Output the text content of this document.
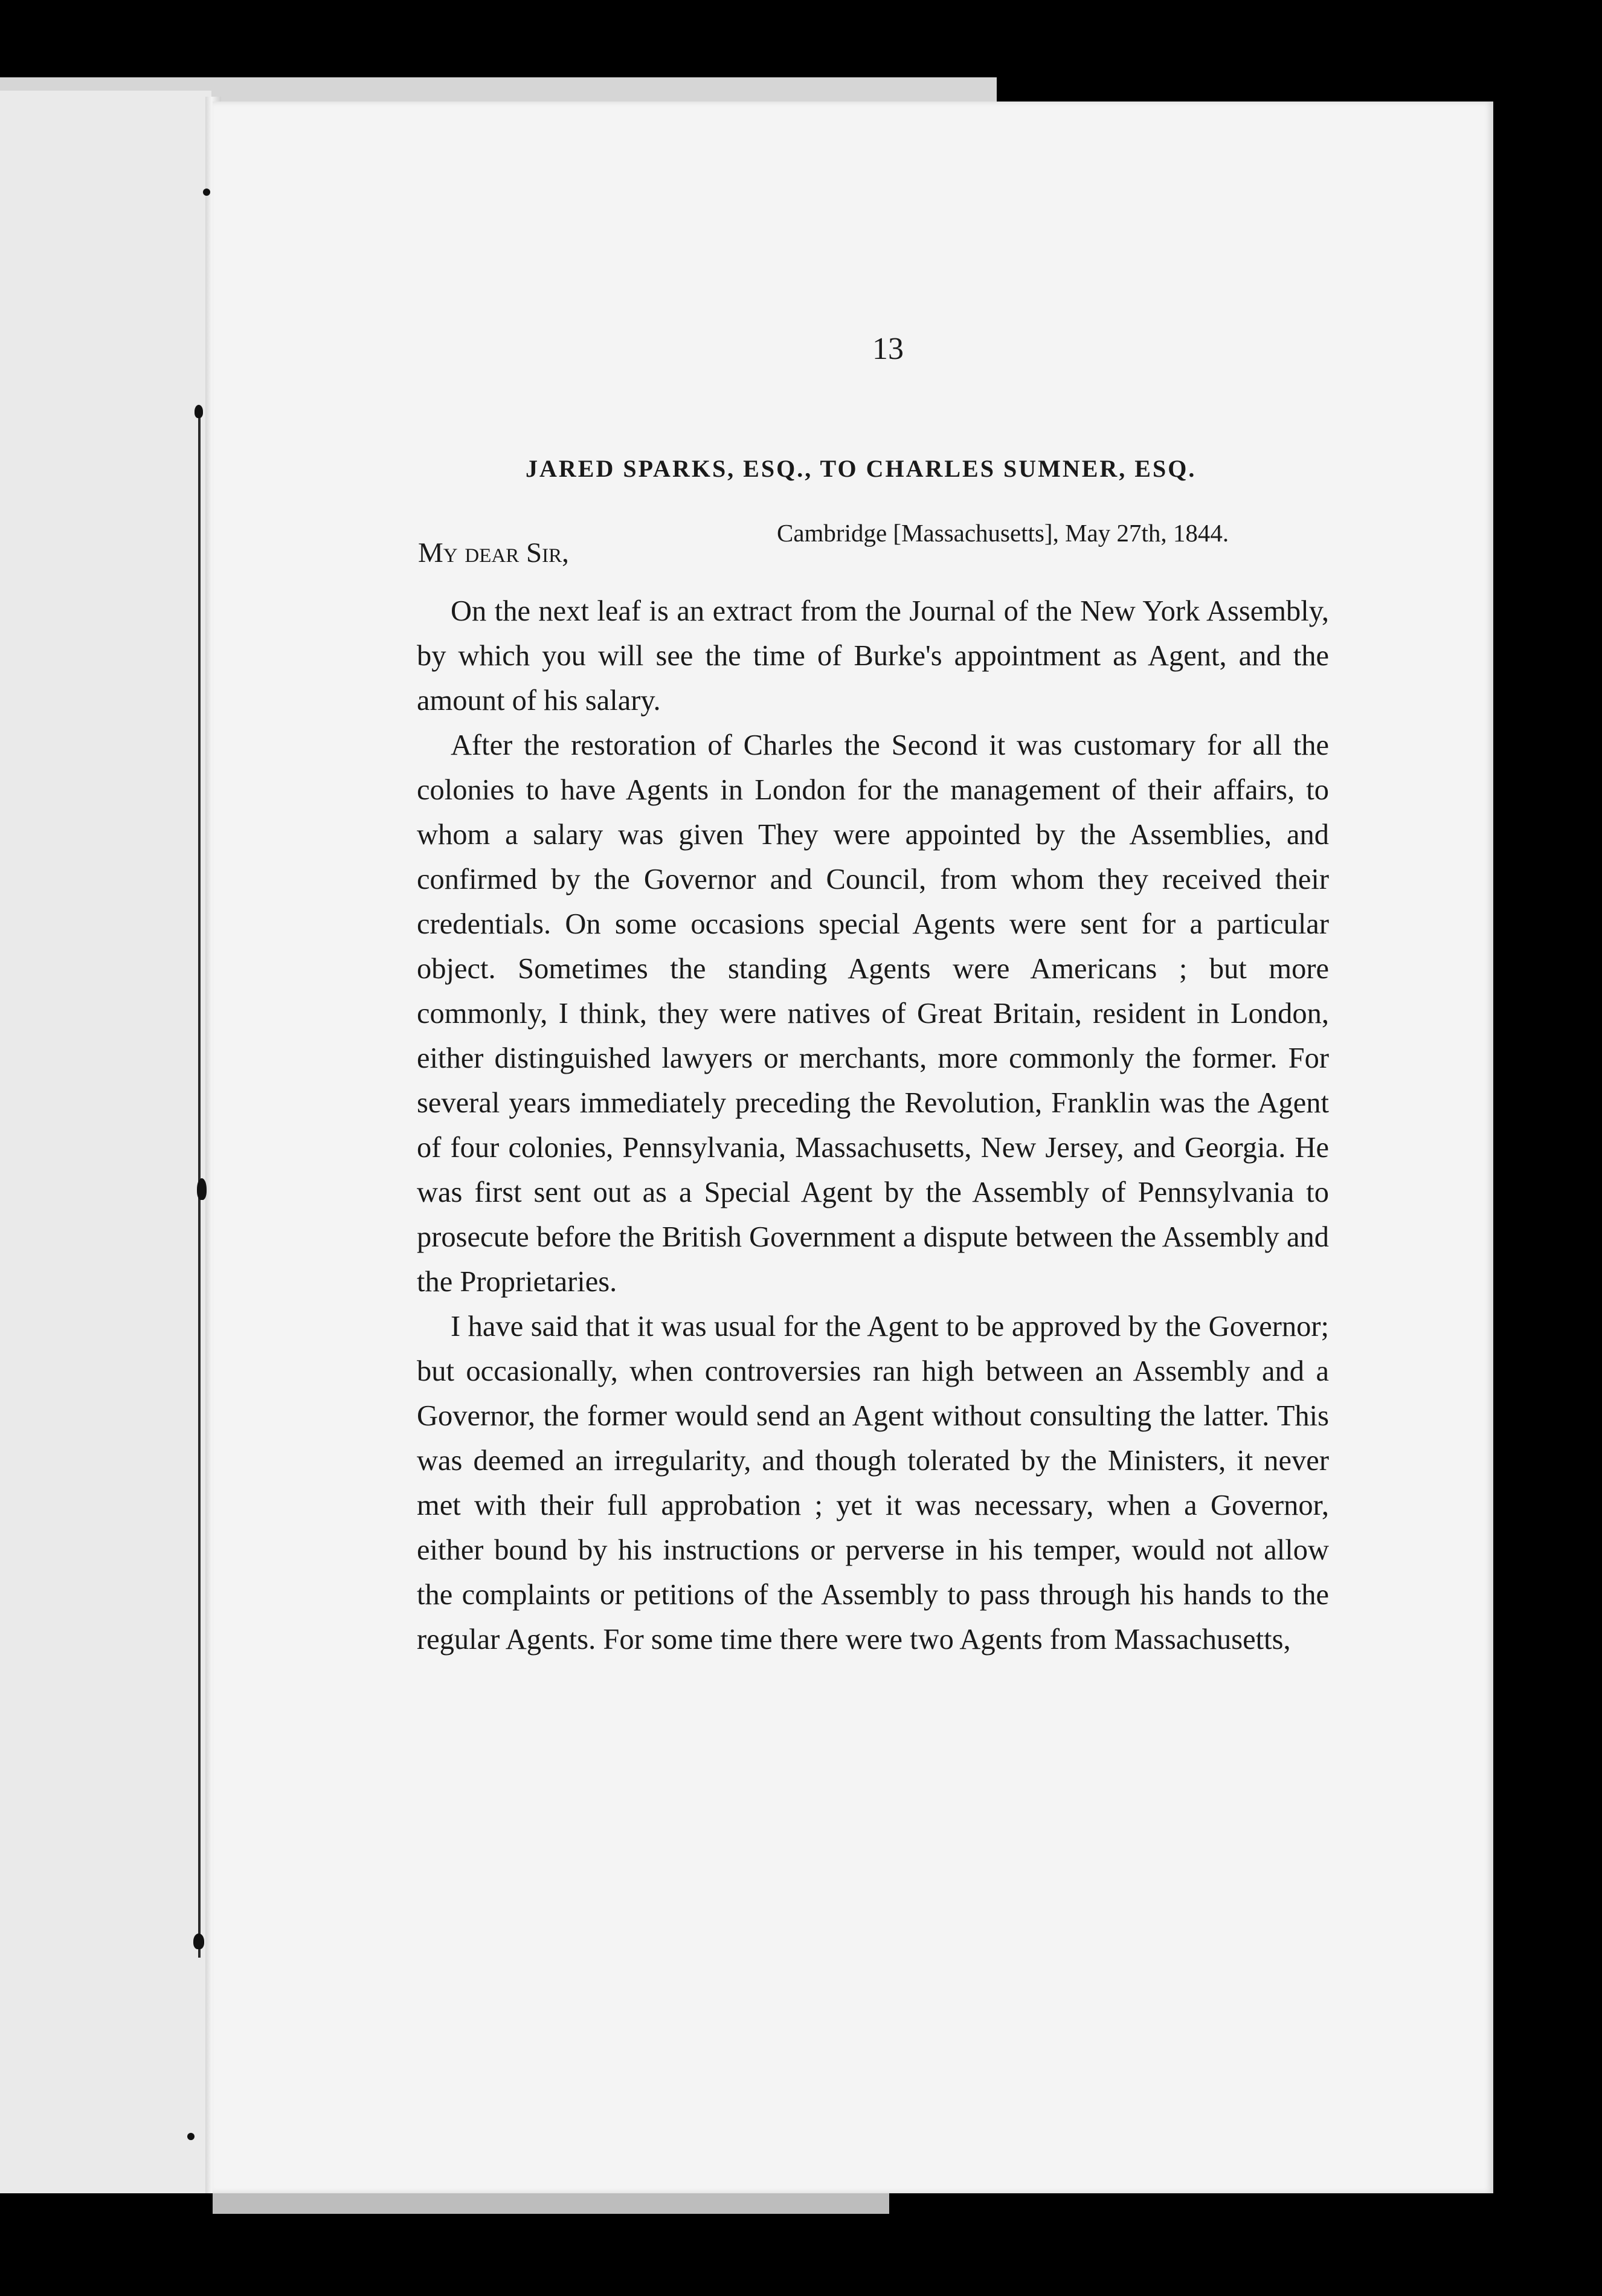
13
JARED SPARKS, ESQ., TO CHARLES SUMNER, ESQ.
Cambridge [Massachusetts], May 27th, 1844.
My dear Sir,

On the next leaf is an extract from the Journal of the New York Assembly, by which you will see the time of Burke's appointment as Agent, and the amount of his salary.

After the restoration of Charles the Second it was customary for all the colonies to have Agents in London for the management of their affairs, to whom a salary was given They were appointed by the Assemblies, and confirmed by the Governor and Council, from whom they received their credentials. On some occasions special Agents were sent for a particular object. Sometimes the standing Agents were Americans ; but more commonly, I think, they were natives of Great Britain, resident in London, either distinguished lawyers or merchants, more commonly the former. For several years immediately preceding the Revolution, Franklin was the Agent of four colonies, Pennsylvania, Massachusetts, New Jersey, and Georgia. He was first sent out as a Special Agent by the Assembly of Pennsylvania to prosecute before the British Government a dispute between the Assembly and the Proprietaries.

I have said that it was usual for the Agent to be approved by the Governor; but occasionally, when controversies ran high between an Assembly and a Governor, the former would send an Agent without consulting the latter. This was deemed an irregularity, and though tolerated by the Ministers, it never met with their full approbation ; yet it was necessary, when a Governor, either bound by his instructions or perverse in his temper, would not allow the complaints or petitions of the Assembly to pass through his hands to the regular Agents. For some time there were two Agents from Massachusetts,
